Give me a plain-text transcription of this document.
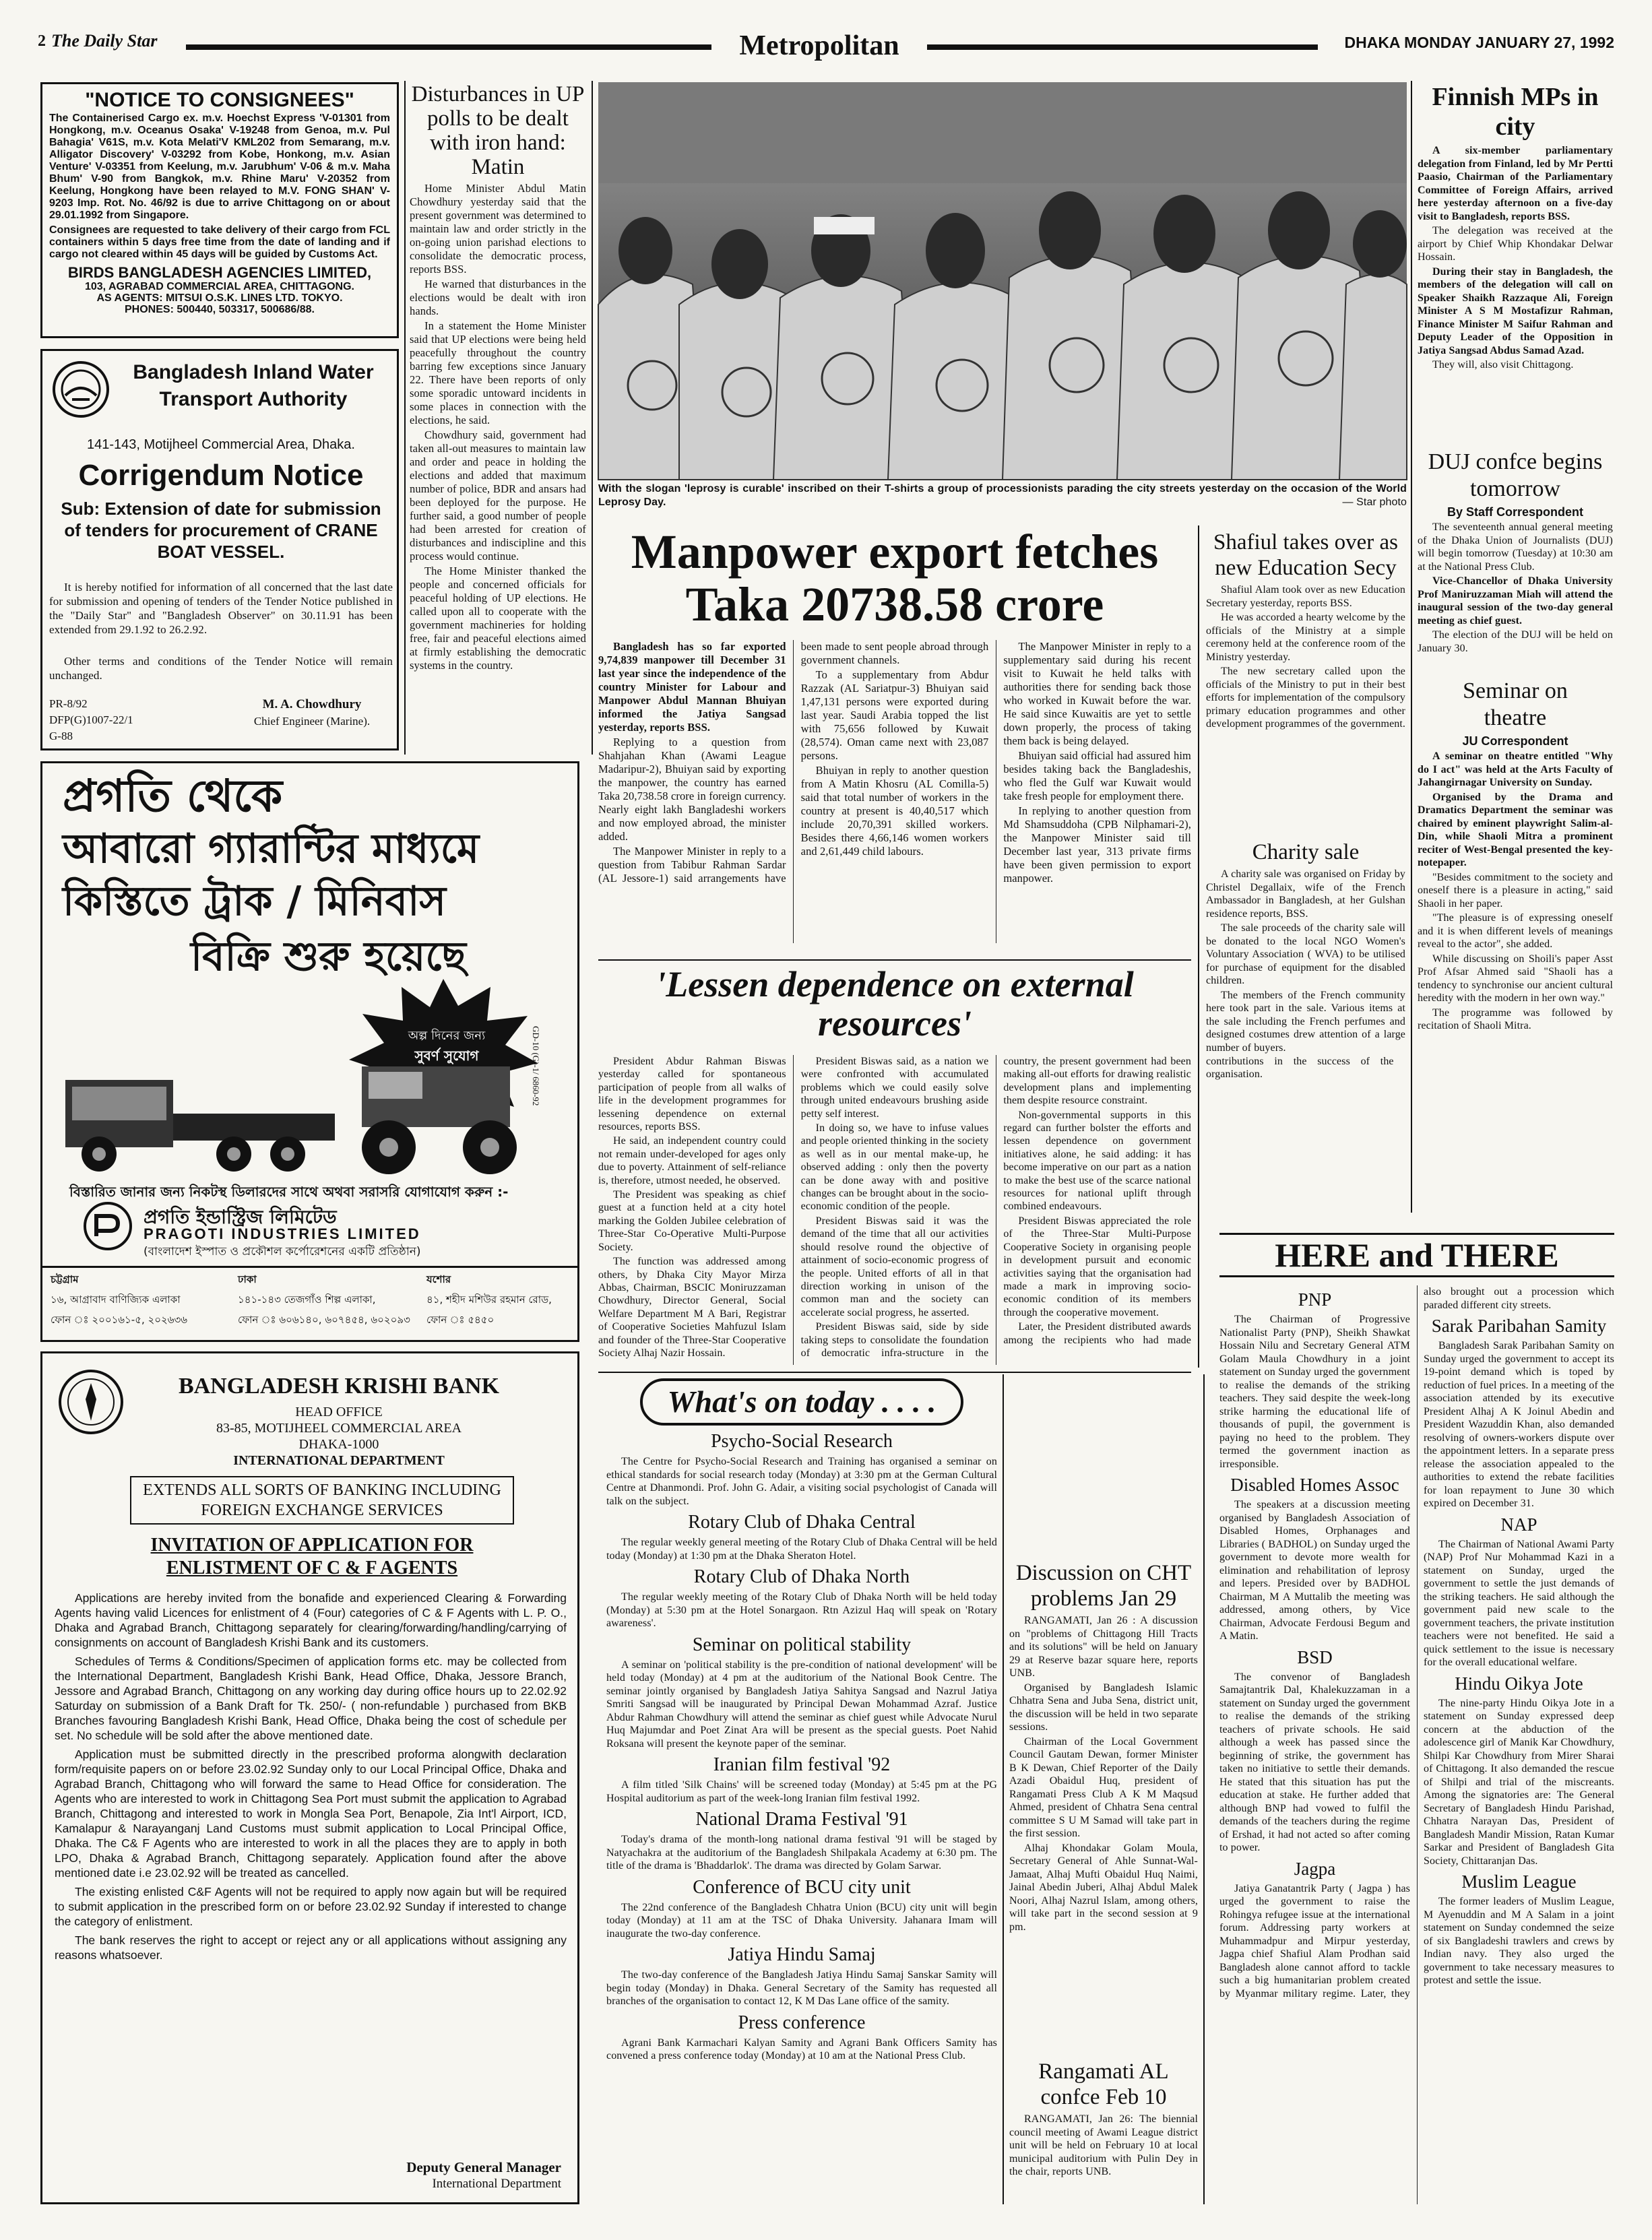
2 The Daily Star	Metropolitan	DHAKA MONDAY JANUARY 27, 1992
"NOTICE TO CONSIGNEES"
The Containerised Cargo ex. m.v. Hoechst Express 'V-01301 from Hongkong, m.v. Oceanus Osaka' V-19248 from Genoa, m.v. Pul Bahagia' V61S, m.v. Kota Melati'V KML202 from Semarang, m.v. Alligator Discovery' V-03292 from Kobe, Honkong, m.v. Asian Venture' V-03351 from Keelung, m.v. Jarubhum' V-06 & m.v. Maha Bhum' V-90 from Bangkok, m.v. Rhine Maru' V-20352 from Keelung, Hongkong have been relayed to M.V. FONG SHAN' V-9203 Imp. Rot. No. 46/92 is due to arrive Chittagong on or about 29.01.1992 from Singapore.
Consignees are requested to take delivery of their cargo from FCL containers within 5 days free time from the date of landing and if cargo not cleared within 45 days will be guided by Customs Act.
BIRDS BANGLADESH AGENCIES LIMITED,
103, AGRABAD COMMERCIAL AREA, CHITTAGONG.
AS AGENTS: MITSUI O.S.K. LINES LTD. TOKYO.
PHONES: 500440, 503317, 500686/88.
Bangladesh Inland Water Transport Authority
141-143, Motijheel Commercial Area, Dhaka.
Corrigendum Notice
Sub: Extension of date for submission of tenders for procurement of CRANE BOAT VESSEL.
It is hereby notified for information of all concerned that the last date for submission and opening of tenders of the Tender Notice published in the "Daily Star" and "Bangladesh Observer" on 30.11.91 has been extended from 29.1.92 to 26.2.92.
Other terms and conditions of the Tender Notice will remain unchanged.
PR-8/92
DFP(G)1007-22/1
G-88
M. A. Chowdhury
Chief Engineer (Marine).
প্রগতি থেকে
আবারো গ্যারান্টির মাধ্যমে
কিস্তিতে ট্রাক / মিনিবাস
বিক্রি শুরু হয়েছে
অল্প দিনের জন্য
সুবর্ণ সুযোগ
বিস্তারিত জানার জন্য নিকটস্থ ডিলারদের সাথে অথবা সরাসরি যোগাযোগ করুন :-
প্রগতি ইন্ডাস্ট্রিজ লিমিটেড
PRAGOTI INDUSTRIES LIMITED
(বাংলাদেশ ইস্পাত ও প্রকৌশল কর্পোরেশনের একটি প্রতিষ্ঠান)
GD-10 (G)-1/ 6860-92
চট্টগ্রাম
১৬, আগ্রাবাদ বাণিজ্যিক এলাকা
ফোন ঃ ২০০১৬১-৫, ২০২৬৩৬
ঢাকা
১৪১-১৪৩ তেজগাঁও শিল্প এলাকা,
ফোন ঃ ৬০৬১৪০, ৬০৭৪৫৪, ৬০২০৯৩
যশোর
৪১, শহীদ মশিউর রহমান রোড,
ফোন ঃ ৫৪৫০
BANGLADESH KRISHI BANK
HEAD OFFICE
83-85, MOTIJHEEL COMMERCIAL AREA
DHAKA-1000
INTERNATIONAL DEPARTMENT
EXTENDS ALL SORTS OF BANKING INCLUDING FOREIGN EXCHANGE SERVICES
INVITATION OF APPLICATION FOR ENLISTMENT OF C & F AGENTS

Applications are hereby invited from the bonafide and experienced Clearing & Forwarding Agents having valid Licences for enlistment of 4 (Four) categories of C & F Agents with L. P. O., Dhaka and Agrabad Branch, Chittagong separately for clearing/forwarding/handling/carrying of consignments on account of Bangladesh Krishi Bank and its customers.

Schedules of Terms & Conditions/Specimen of application forms etc. may be collected from the International Department, Bangladesh Krishi Bank, Head Office, Dhaka, Jessore Branch, Jessore and Agrabad Branch, Chittagong on any working day during office hours up to 22.02.92 Saturday on submission of a Bank Draft for Tk. 250/- ( non-refundable ) purchased from BKB Branches favouring Bangladesh Krishi Bank, Head Office, Dhaka being the cost of schedule per set. No schedule will be sold after the above mentioned date.

Application must be submitted directly in the prescribed proforma alongwith declaration form/requisite papers on or before 23.02.92 Sunday only to our Local Principal Office, Dhaka and Agrabad Branch, Chittagong who will forward the same to Head Office for consideration. The Agents who are interested to work in Chittagong Sea Port must submit the application to Agrabad Branch, Chittagong and interested to work in Mongla Sea Port, Benapole, Zia Int'l Airport, ICD, Kamalapur & Narayanganj Land Customs must submit application to Local Principal Office, Dhaka. The C& F Agents who are interested to work in all the places they are to apply in both LPO, Dhaka & Agrabad Branch, Chittagong separately. Application found after the above mentioned date i.e 23.02.92 will be treated as cancelled.

The existing enlisted C&F Agents will not be required to apply now again but will be required to submit application in the prescribed form on or before 23.02.92 Sunday if interested to change the category of enlistment.

The bank reserves the right to accept or reject any or all applications without assigning any reasons whatsoever.

Deputy General Manager
International Department
Disturbances in UP polls to be dealt with iron hand: Matin

Home Minister Abdul Matin Chowdhury yesterday said that the present government was determined to maintain law and order strictly in the on-going union parishad elections to consolidate the democratic process, reports BSS.

He warned that disturbances in the elections would be dealt with iron hands.

In a statement the Home Minister said that UP elections were being held peacefully throughout the country barring few exceptions since January 22. There have been reports of only some sporadic untoward incidents in some places in connection with the elections, he said.

Chowdhury said, government had taken all-out measures to maintain law and order and peace in holding the elections and added that maximum number of police, BDR and ansars had been deployed for the purpose. He further said, a good number of people had been arrested for creation of disturbances and indiscipline and this process would continue.

The Home Minister thanked the people and concerned officials for peaceful holding of UP elections. He called upon all to cooperate with the government machineries for holding free, fair and peaceful elections aimed at firmly establishing the democratic systems in the country.

With the slogan 'leprosy is curable' inscribed on their T-shirts a group of processionists parading the city streets yesterday on the occasion of the World Leprosy Day.	— Star photo
Manpower export fetches Taka 20738.58 crore

Bangladesh has so far exported 9,74,839 manpower till December 31 last year since the independence of the country Minister for Labour and Manpower Abdul Mannan Bhuiyan informed the Jatiya Sangsad yesterday, reports BSS.

Replying to a question from Shahjahan Khan (Awami League Madaripur-2), Bhuiyan said by exporting the manpower, the country has earned Taka 20,738.58 crore in foreign currency. Nearly eight lakh Bangladeshi workers and now employed abroad, the minister added.

The Manpower Minister in reply to a question from Tabibur Rahman Sardar (AL Jessore-1) said arrangements have been made to sent people abroad through government channels.

To a supplementary from Abdur Razzak (AL Sariatpur-3) Bhuiyan said 1,47,131 persons were exported during last year. Saudi Arabia topped the list with 75,656 followed by Kuwait (28,574). Oman came next with 23,087 persons.

Bhuiyan in reply to another question from A Matin Khosru (AL Comilla-5) said that total number of workers in the country at present is 40,40,517 which include 20,70,391 skilled workers. Besides there 4,66,146 women workers and 2,61,449 child labours.

The Manpower Minister in reply to a supplementary said during his recent visit to Kuwait he held talks with authorities there for sending back those who worked in Kuwait before the war. He said since Kuwaitis are yet to settle down properly, the process of taking them back is being delayed.

Bhuiyan said official had assured him besides taking back the Bangladeshis, who fled the Gulf war Kuwait would take fresh people for employment there.

In replying to another question from Md Shamsuddoha (CPB Nilphamari-2), the Manpower Minister said till December last year, 313 private firms have been given permission to export manpower.

'Lessen dependence on external resources'

President Abdur Rahman Biswas yesterday called for spontaneous participation of people from all walks of life in the development programmes for lessening dependence on external resources, reports BSS.

He said, an independent country could not remain under-developed for ages only due to poverty. Attainment of self-reliance is, therefore, utmost needed, he observed.

The President was speaking as chief guest at a function held at a city hotel marking the Golden Jubilee celebration of Three-Star Co-Operative Multi-Purpose Society.

The function was addressed among others, by Dhaka City Mayor Mirza Abbas, Chairman, BSCIC Moniruzzaman Chowdhury, Director General, Social Welfare Department M A Bari, Registrar of Cooperative Societies Mahfuzul Islam and founder of the Three-Star Cooperative Society Alhaj Nazir Hossain.

President Biswas said, as a nation we were confronted with accumulated problems which we could easily solve through united endeavours brushing aside petty self interest.

In doing so, we have to infuse values and people oriented thinking in the society as well as in our mental make-up, he observed adding : only then the poverty can be done away with and positive changes can be brought about in the socio-economic condition of the people.

President Biswas said it was the demand of the time that all our activities should resolve round the objective of attainment of socio-economic progress of the people. United efforts of all in that direction working in unison of the common man and the society can accelerate social progress, he asserted.

President Biswas said, side by side taking steps to consolidate the foundation of democratic infra-structure in the country, the present government had been making all-out efforts for drawing realistic development plans and implementing them despite resource constraint.

Non-governmental supports in this regard can further bolster the efforts and lessen dependence on government initiatives alone, he said adding: it has become imperative on our part as a nation to make the best use of the scarce national resources for national uplift through combined endeavours.

President Biswas appreciated the role of the Three-Star Multi-Purpose Cooperative Society in organising people in development pursuit and economic activities saying that the organisation had made a mark in improving socio-economic condition of its members through the cooperative movement.

Later, the President distributed awards among the recipients who had made contributions in the success of the organisation.

Shafiul takes over as new Education Secy

Shafiul Alam took over as new Education Secretary yesterday, reports BSS.

He was accorded a hearty welcome by the officials of the Ministry at a simple ceremony held at the conference room of the Ministry yesterday.

The new secretary called upon the officials of the Ministry to put in their best efforts for implementation of the compulsory primary education programmes and other development programmes of the government.

Charity sale

A charity sale was organised on Friday by Christel Degallaix, wife of the French Ambassador in Bangladesh, at her Gulshan residence reports, BSS.

The sale proceeds of the charity sale will be donated to the local NGO Women's Voluntary Association ( WVA) to be utilised for purchase of equipment for the disabled children.

The members of the French community here took part in the sale. Various items at the sale including the French perfumes and designed costumes drew attention of a large number of buyers.

Finnish MPs in city

A six-member parliamentary delegation from Finland, led by Mr Pertti Paasio, Chairman of the Parliamentary Committee of Foreign Affairs, arrived here yesterday afternoon on a five-day visit to Bangladesh, reports BSS.

The delegation was received at the airport by Chief Whip Khondakar Delwar Hossain.

During their stay in Bangladesh, the members of the delegation will call on Speaker Shaikh Razzaque Ali, Foreign Minister A S M Mostafizur Rahman, Finance Minister M Saifur Rahman and Deputy Leader of the Opposition in Jatiya Sangsad Abdus Samad Azad.

They will, also visit Chittagong.

DUJ confce begins tomorrow
By Staff Correspondent

The seventeenth annual general meeting of the Dhaka Union of Journalists (DUJ) will begin tomorrow (Tuesday) at 10:30 am at the National Press Club.

Vice-Chancellor of Dhaka University Prof Maniruzzaman Miah will attend the inaugural session of the two-day general meeting as chief guest.

The election of the DUJ will be held on January 30.

Seminar on theatre
JU Correspondent

A seminar on theatre entitled "Why do I act" was held at the Arts Faculty of Jahangirnagar University on Sunday.

Organised by the Drama and Dramatics Department the seminar was chaired by eminent playwright Salim-al-Din, while Shaoli Mitra a prominent reciter of West-Bengal presented the key-notepaper.

"Besides commitment to the society and oneself there is a pleasure in acting," said Shaoli in her paper.

"The pleasure is of expressing oneself and it is when different levels of meanings reveal to the actor", she added.

While discussing on Shoili's paper Asst Prof Afsar Ahmed said "Shaoli has a tendency to synchronise our ancient cultural heredity with the modern in her own way."

The programme was followed by recitation of Shaoli Mitra.

What's on today . . . .
Psycho-Social Research

The Centre for Psycho-Social Research and Training has organised a seminar on ethical standards for social research today (Monday) at 3:30 pm at the German Cultural Centre at Dhanmondi. Prof. John G. Adair, a visiting social psychologist of Canada will talk on the subject.

Rotary Club of Dhaka Central

The regular weekly general meeting of the Rotary Club of Dhaka Central will be held today (Monday) at 1:30 pm at the Dhaka Sheraton Hotel.

Rotary Club of Dhaka North

The regular weekly meeting of the Rotary Club of Dhaka North will be held today (Monday) at 5:30 pm at the Hotel Sonargaon. Rtn Azizul Haq will speak on 'Rotary awareness'.

Seminar on political stability

A seminar on 'political stability is the pre-condition of national development' will be held today (Monday) at 4 pm at the auditorium of the National Book Centre. The seminar jointly organised by Bangladesh Jatiya Sahitya Sangsad and Nazrul Jatiya Smriti Sangsad will be inaugurated by Principal Dewan Mohammad Azraf. Justice Abdur Rahman Chowdhury will attend the seminar as chief guest while Advocate Nurul Huq Majumdar and Poet Zinat Ara will be present as the special guests. Poet Nahid Roksana will present the keynote paper of the seminar.

Iranian film festival '92

A film titled 'Silk Chains' will be screened today (Monday) at 5:45 pm at the PG Hospital auditorium as part of the week-long Iranian film festival 1992.

National Drama Festival '91

Today's drama of the month-long national drama festival '91 will be staged by Natyachakra at the auditorium of the Bangladesh Shilpakala Academy at 6:30 pm. The title of the drama is 'Bhaddarlok'. The drama was directed by Golam Sarwar.

Conference of BCU city unit

The 22nd conference of the Bangladesh Chhatra Union (BCU) city unit will begin today (Monday) at 11 am at the TSC of Dhaka University. Jahanara Imam will inaugurate the two-day conference.

Jatiya Hindu Samaj

The two-day conference of the Bangladesh Jatiya Hindu Samaj Sanskar Samity will begin today (Monday) in Dhaka. General Secretary of the Samity has requested all branches of the organisation to contact 12, K M Das Lane office of the samity.

Press conference

Agrani Bank Karmachari Kalyan Samity and Agrani Bank Officers Samity has convened a press conference today (Monday) at 10 am at the National Press Club.

Discussion on CHT problems Jan 29

RANGAMATI, Jan 26 : A discussion on "problems of Chittagong Hill Tracts and its solutions" will be held on January 29 at Reserve bazar square here, reports UNB.

Organised by Bangladesh Islamic Chhatra Sena and Juba Sena, district unit, the discussion will be held in two separate sessions.

Chairman of the Local Government Council Gautam Dewan, former Minister B K Dewan, Chief Reporter of the Daily Azadi Obaidul Huq, president of Rangamati Press Club A K M Maqsud Ahmed, president of Chhatra Sena central committee S U M Samad will take part in the first session.

Alhaj Khondakar Golam Moula, Secretary General of Ahle Sunnat-Wal-Jamaat, Alhaj Mufti Obaidul Huq Naimi, Jainal Abedin Juberi, Alhaj Abdul Malek Noori, Alhaj Nazrul Islam, among others, will take part in the second session at 9 pm.

Rangamati AL confce Feb 10

RANGAMATI, Jan 26: The biennial council meeting of Awami League district unit will be held on February 10 at local municipal auditorium with Pulin Dey in the chair, reports UNB.

HERE and THERE
PNP

The Chairman of Progressive Nationalist Party (PNP), Sheikh Shawkat Hossain Nilu and Secretary General ATM Golam Maula Chowdhury in a joint statement on Sunday urged the government to realise the demands of the striking teachers. They said despite the week-long strike harming the educational life of thousands of pupil, the government is paying no heed to the problem. They termed the government inaction as irresponsible.

Disabled Homes Assoc

The speakers at a discussion meeting organised by Bangladesh Association of Disabled Homes, Orphanages and Libraries ( BADHOL) on Sunday urged the government to devote more wealth for elimination and rehabilitation of leprosy and lepers. Presided over by BADHOL Chairman, M A Muttalib the meeting was addressed, among others, by Vice Chairman, Advocate Ferdousi Begum and A Matin.

BSD

The convenor of Bangladesh Samajtantrik Dal, Khalekuzzaman in a statement on Sunday urged the government to realise the demands of the striking teachers of private schools. He said although a week has passed since the beginning of strike, the government has taken no initiative to settle their demands. He stated that this situation has put the education at stake. He further added that although BNP had vowed to fulfil the demands of the teachers during the regime of Ershad, it had not acted so after coming to power.

Jagpa

Jatiya Ganatantrik Party ( Jagpa ) has urged the government to raise the Rohingya refugee issue at the international forum. Addressing party workers at Muhammadpur and Mirpur yesterday, Jagpa chief Shafiul Alam Prodhan said Bangladesh alone cannot afford to tackle such a big humanitarian problem created by Myanmar military regime. Later, they also brought out a procession which paraded different city streets.

Sarak Paribahan Samity

Bangladesh Sarak Paribahan Samity on Sunday urged the government to accept its 19-point demand which is toped by reduction of fuel prices. In a meeting of the association attended by its executive President Alhaj A K Joinul Abedin and President Wazuddin Khan, also demanded resolving of owners-workers dispute over the appointment letters. In a separate press release the association appealed to the authorities to extend the rebate facilities for loan repayment to June 30 which expired on December 31.

NAP

The Chairman of National Awami Party (NAP) Prof Nur Mohammad Kazi in a statement on Sunday, urged the government to settle the just demands of the striking teachers. He said although the government paid new scale to the government teachers, the private institution teachers were not benefited. He said a quick settlement to the issue is necessary for the overall educational welfare.

Hindu Oikya Jote

The nine-party Hindu Oikya Jote in a statement on Sunday expressed deep concern at the abduction of the adolescence girl of Manik Kar Chowdhury, Shilpi Kar Chowdhury from Mirer Sharai of Chittagong. It also demanded the rescue of Shilpi and trial of the miscreants. Among the signatories are: The General Secretary of Bangladesh Hindu Parishad, Chhatra Narayan Das, President of Bangladesh Mandir Mission, Ratan Kumar Sarkar and President of Bangladesh Gita Society, Chittaranjan Das.

Muslim League

The former leaders of Muslim League, M Ayenuddin and M A Salam in a joint statement on Sunday condemned the seize of six Bangladeshi trawlers and crews by Indian navy. They also urged the government to take necessary measures to protest and settle the issue.
